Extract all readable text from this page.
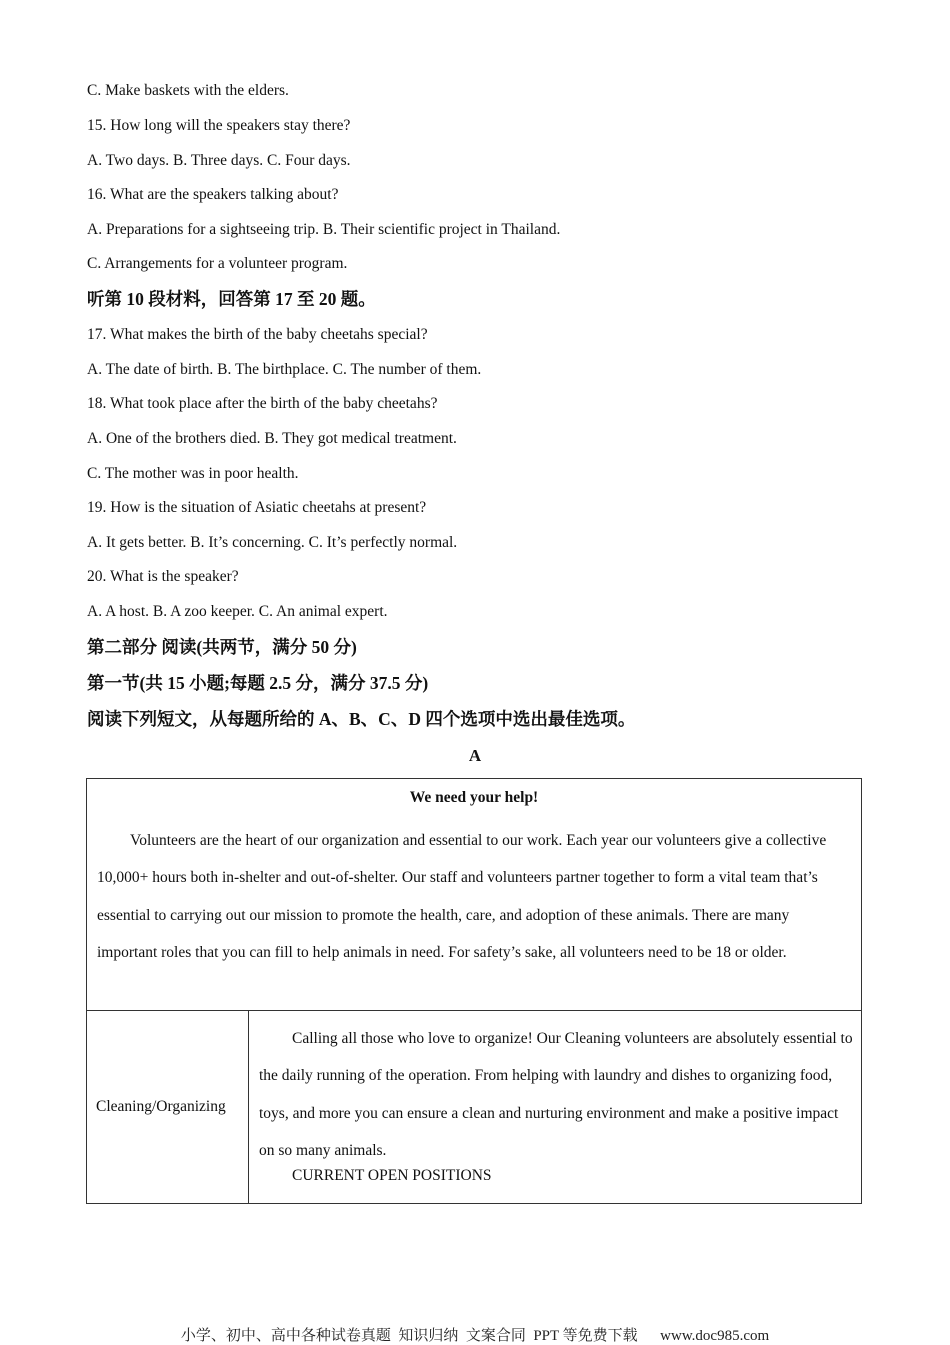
C. Make baskets with the elders.
15. How long will the speakers stay there?
A. Two days. B. Three days. C. Four days.
16. What are the speakers talking about?
A. Preparations for a sightseeing trip. B. Their scientific project in Thailand.
C. Arrangements for a volunteer program.
听第 10 段材料，回答第 17 至 20 题。
17. What makes the birth of the baby cheetahs special?
A. The date of birth. B. The birthplace. C. The number of them.
18. What took place after the birth of the baby cheetahs?
A. One of the brothers died. B. They got medical treatment.
C. The mother was in poor health.
19. How is the situation of Asiatic cheetahs at present?
A. It gets better. B. It’s concerning. C. It’s perfectly normal.
20. What is the speaker?
A. A host. B. A zoo keeper. C. An animal expert.
第二部分 阅读(共两节，满分 50 分)
第一节(共 15 小题;每题 2.5 分，满分 37.5 分)
阅读下列短文，从每题所给的 A、B、C、D 四个选项中选出最佳选项。
A
We need your help!

Volunteers are the heart of our organization and essential to our work. Each year our volunteers give a collective 10,000+ hours both in-shelter and out-of-shelter. Our staff and volunteers partner together to form a vital team that’s essential to carrying out our mission to promote the health, care, and adoption of these animals. There are many important roles that you can fill to help animals in need. For safety’s sake, all volunteers need to be 18 or older.

Cleaning/Organizing

Calling all those who love to organize! Our Cleaning volunteers are absolutely essential to the daily running of the operation. From helping with laundry and dishes to organizing food, toys, and more you can ensure a clean and nurturing environment and make a positive impact on so many animals.

CURRENT OPEN POSITIONS

小学、初中、高中各种试卷真题  知识归纳  文案合同  PPT 等免费下载      www.doc985.com
